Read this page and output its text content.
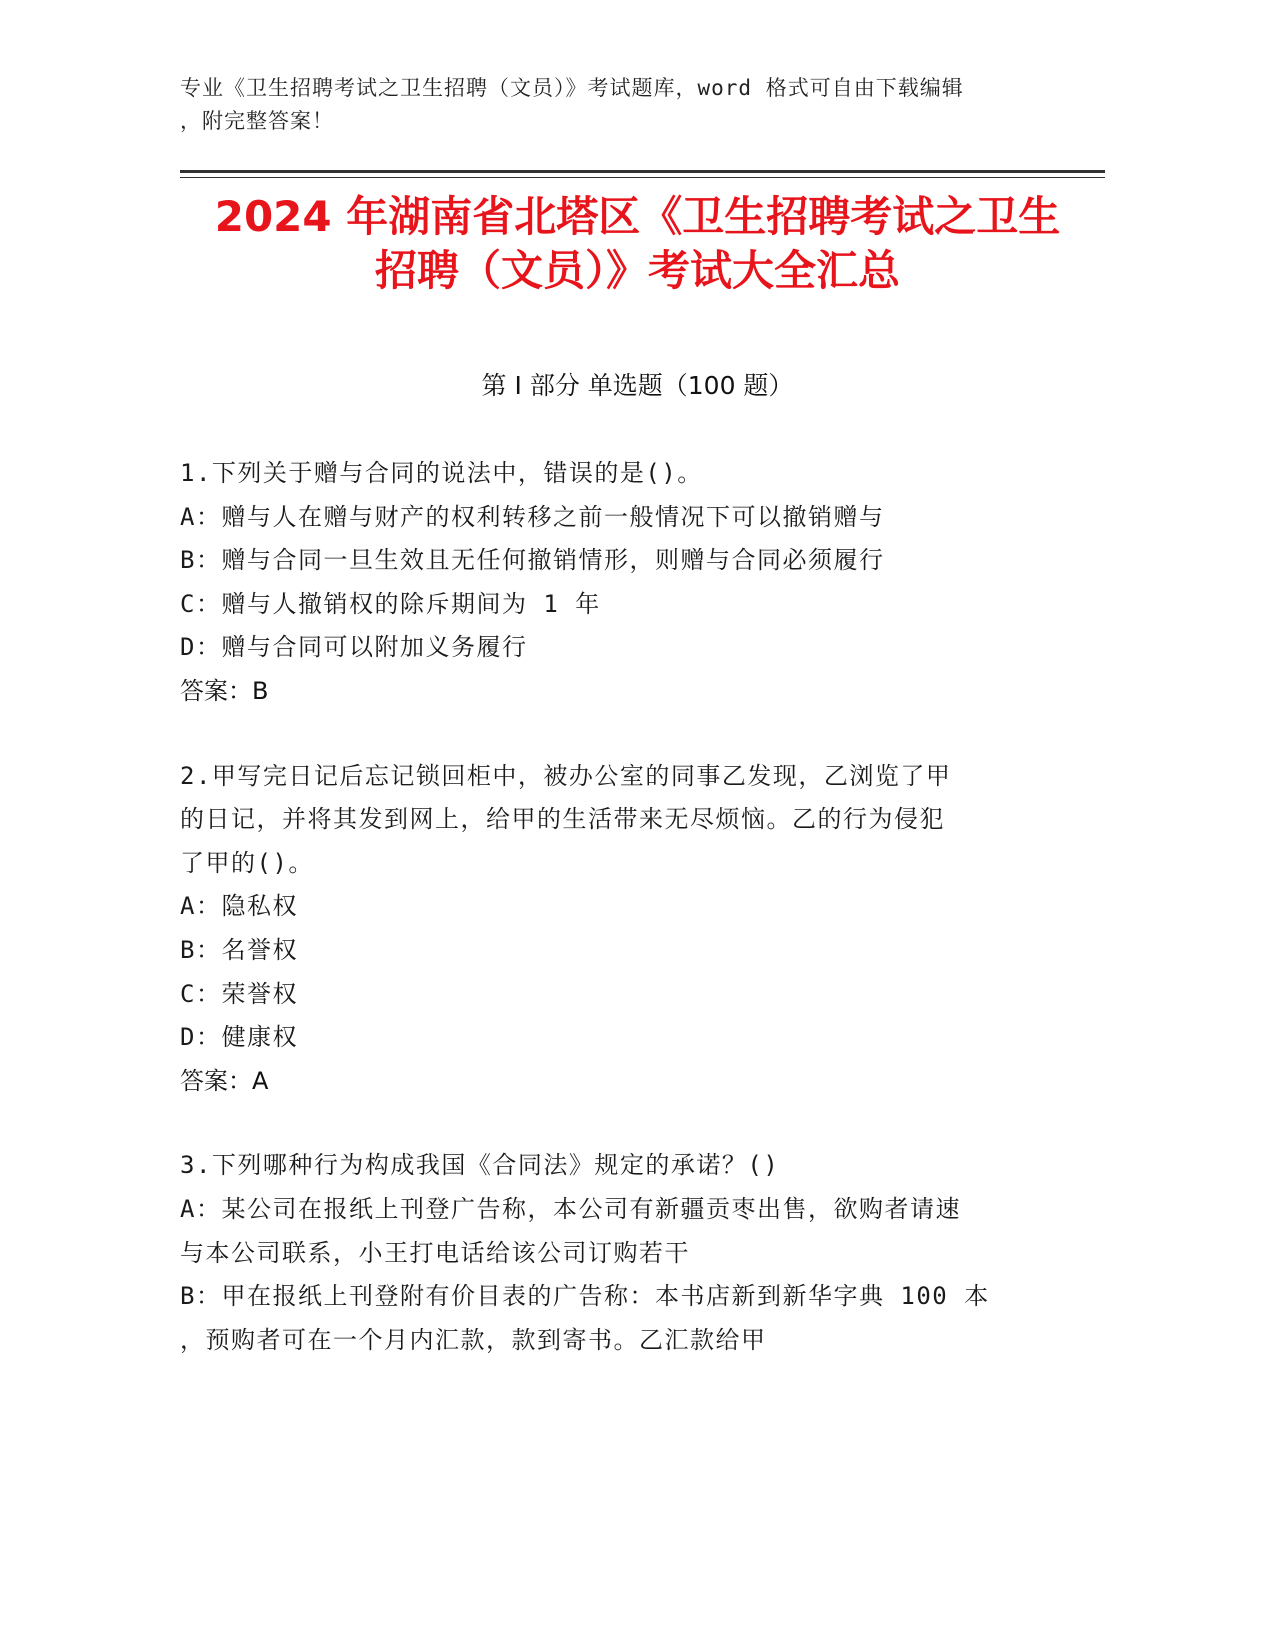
专业《卫生招聘考试之卫生招聘（文员）》考试题库，word 格式可自由下载编辑
，附完整答案！
2024 年湖南省北塔区《卫生招聘考试之卫生
招聘（文员）》考试大全汇总
第 I 部分 单选题（100 题）

1.下列关于赠与合同的说法中，错误的是()。

A：赠与人在赠与财产的权利转移之前一般情况下可以撤销赠与

B：赠与合同一旦生效且无任何撤销情形，则赠与合同必须履行

C：赠与人撤销权的除斥期间为 1 年

D：赠与合同可以附加义务履行

答案：B

2.甲写完日记后忘记锁回柜中，被办公室的同事乙发现，乙浏览了甲

的日记，并将其发到网上，给甲的生活带来无尽烦恼。乙的行为侵犯

了甲的()。

A：隐私权

B：名誉权

C：荣誉权

D：健康权

答案：A

3.下列哪种行为构成我国《合同法》规定的承诺？()

A：某公司在报纸上刊登广告称，本公司有新疆贡枣出售，欲购者请速

与本公司联系，小王打电话给该公司订购若干

B：甲在报纸上刊登附有价目表的广告称：本书店新到新华字典 100 本

，预购者可在一个月内汇款，款到寄书。乙汇款给甲
